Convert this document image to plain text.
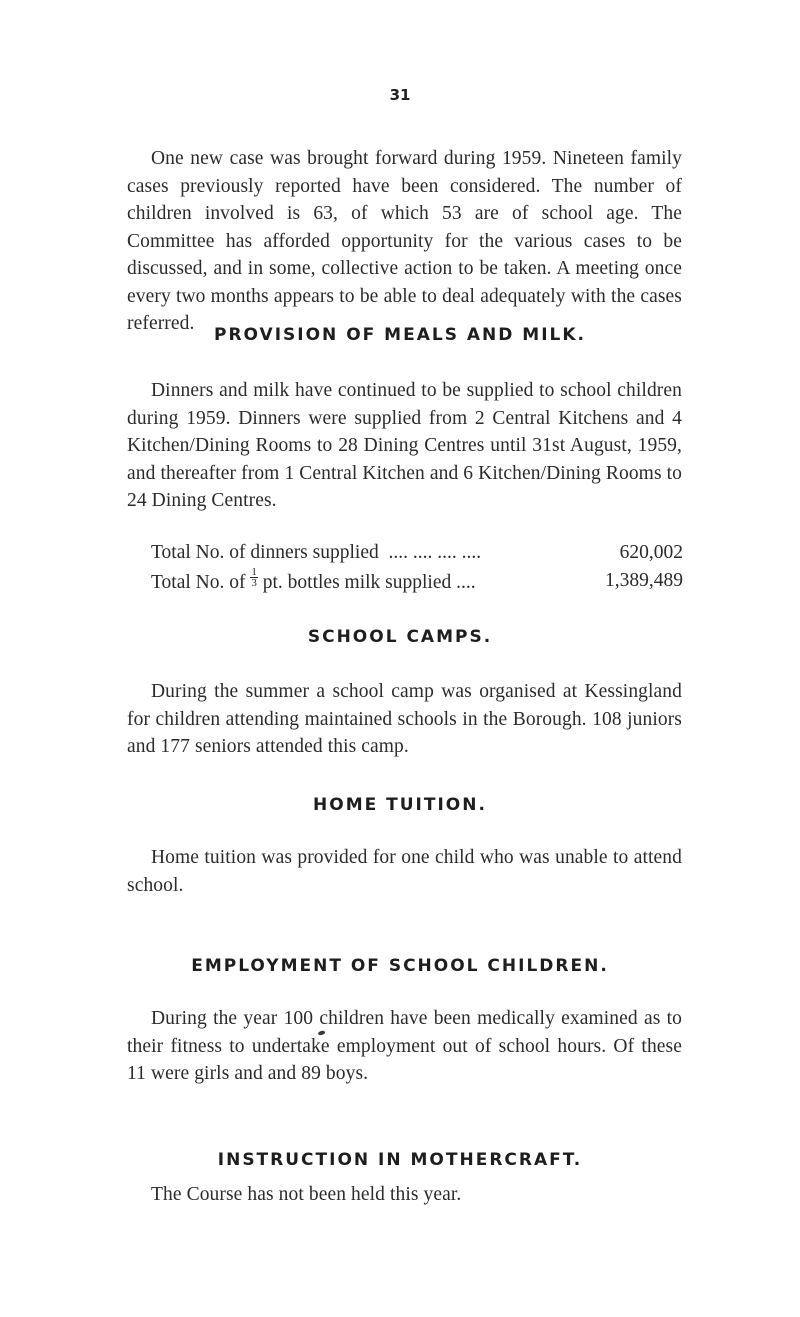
31

One new case was brought forward during 1959. Nineteen family cases previously reported have been considered. The number of children involved is 63, of which 53 are of school age. The Committee has afforded opportunity for the various cases to be discussed, and in some, collective action to be taken. A meeting once every two months appears to be able to deal adequately with the cases referred.

PROVISION OF MEALS AND MILK.

Dinners and milk have continued to be supplied to school children during 1959. Dinners were supplied from 2 Central Kitchens and 4 Kitchen/Dining Rooms to 28 Dining Centres until 31st August, 1959, and thereafter from 1 Central Kitchen and 6 Kitchen/Dining Rooms to 24 Dining Centres.

Total No. of dinners supplied  .... .... .... ....	620,002
Total No. of $\frac{1}{3}$ pt. bottles milk supplied ....	1,389,489
SCHOOL CAMPS.

During the summer a school camp was organised at Kessingland for children attending maintained schools in the Borough. 108 juniors and 177 seniors attended this camp.

HOME TUITION.

Home tuition was provided for one child who was unable to attend school.

EMPLOYMENT OF SCHOOL CHILDREN.

During the year 100 children have been medically examined as to their fitness to undertake employment out of school hours. Of these 11 were girls and and 89 boys.

INSTRUCTION IN MOTHERCRAFT.

The Course has not been held this year.
